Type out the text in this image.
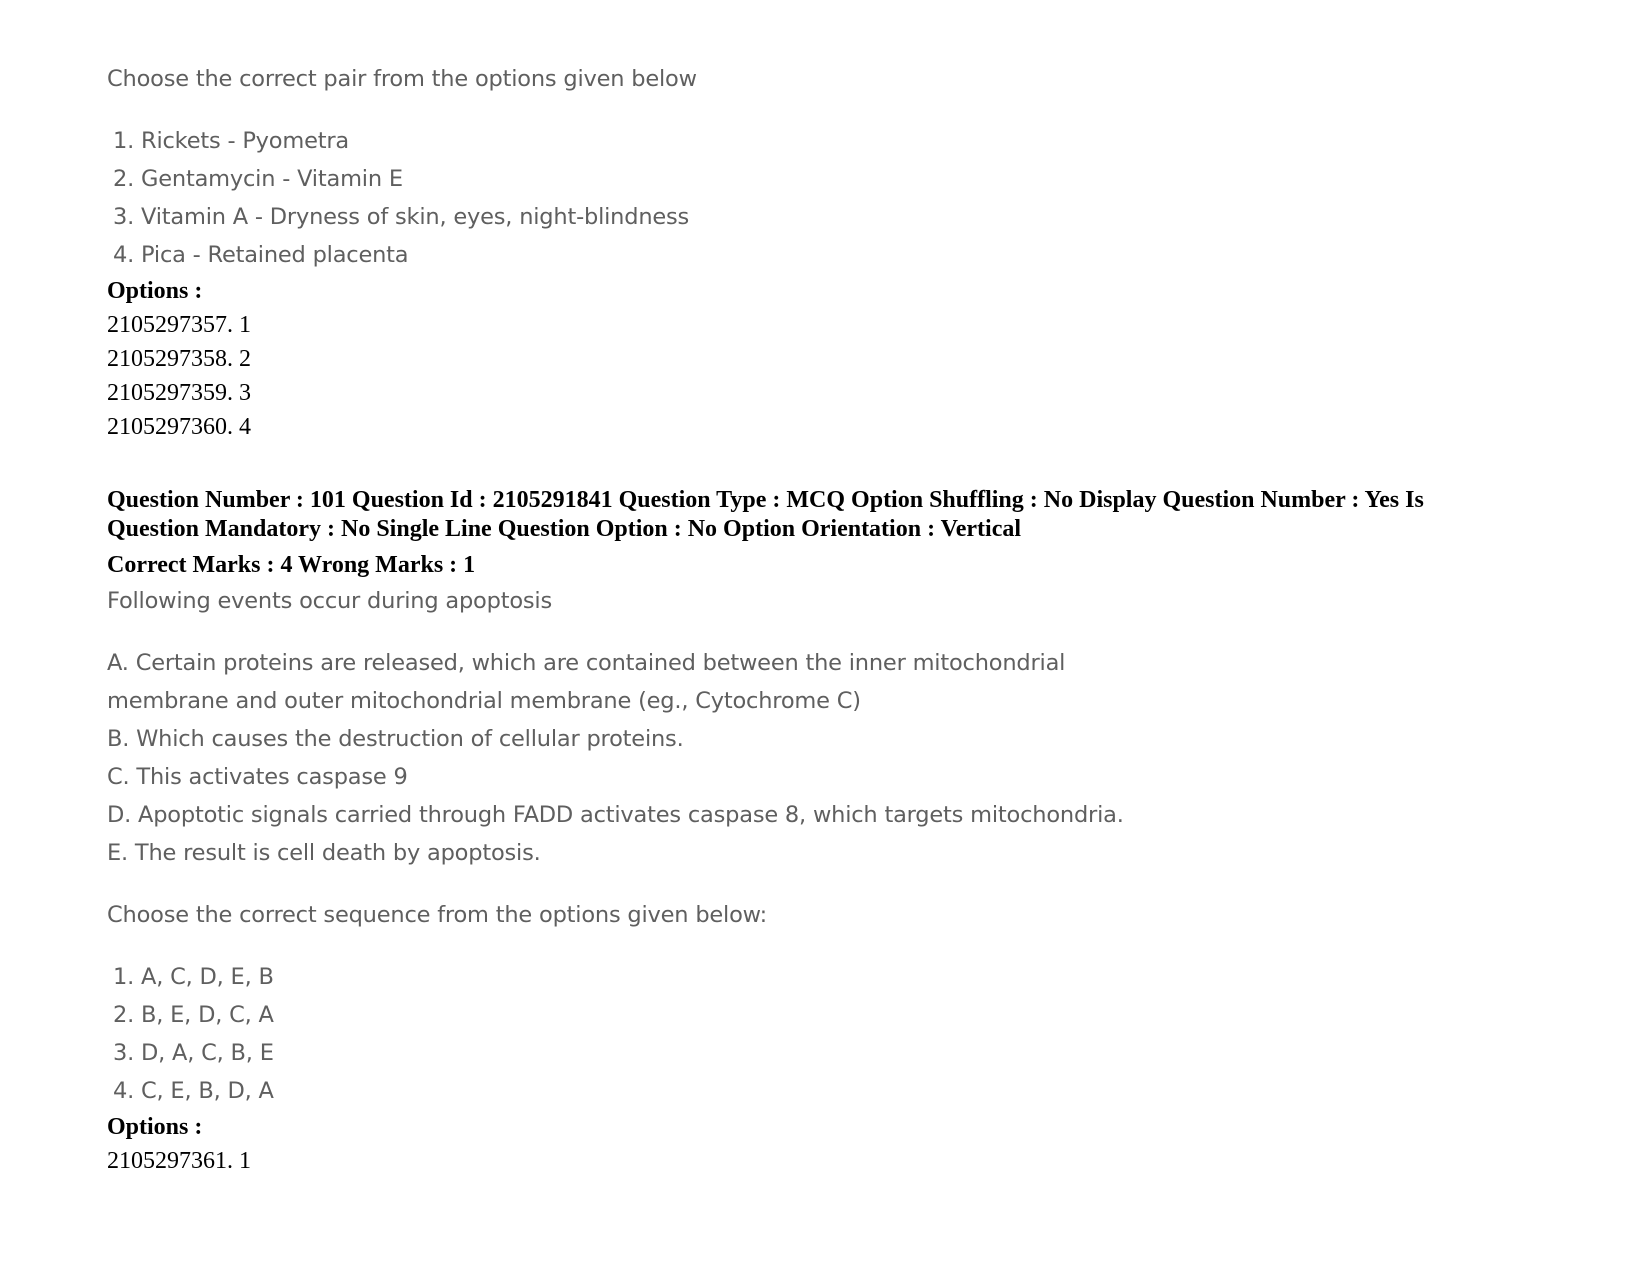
Choose the correct pair from the options given below

1. Rickets - Pyometra
2. Gentamycin - Vitamin E
3. Vitamin A - Dryness of skin, eyes, night-blindness
4. Pica - Retained placenta
Options :
2105297357. 1
2105297358. 2
2105297359. 3
2105297360. 4
Question Number : 101 Question Id : 2105291841 Question Type : MCQ Option Shuffling : No Display Question Number : Yes Is Question Mandatory : No Single Line Question Option : No Option Orientation : Vertical
Correct Marks : 4 Wrong Marks : 1

Following events occur during apoptosis

A. Certain proteins are released, which are contained between the inner mitochondrial
membrane and outer mitochondrial membrane (eg., Cytochrome C)
B. Which causes the destruction of cellular proteins.
C. This activates caspase 9
D. Apoptotic signals carried through FADD activates caspase 8, which targets mitochondria.
E. The result is cell death by apoptosis.

Choose the correct sequence from the options given below:

1. A, C, D, E, B
2. B, E, D, C, A
3. D, A, C, B, E
4. C, E, B, D, A
Options :
2105297361. 1
